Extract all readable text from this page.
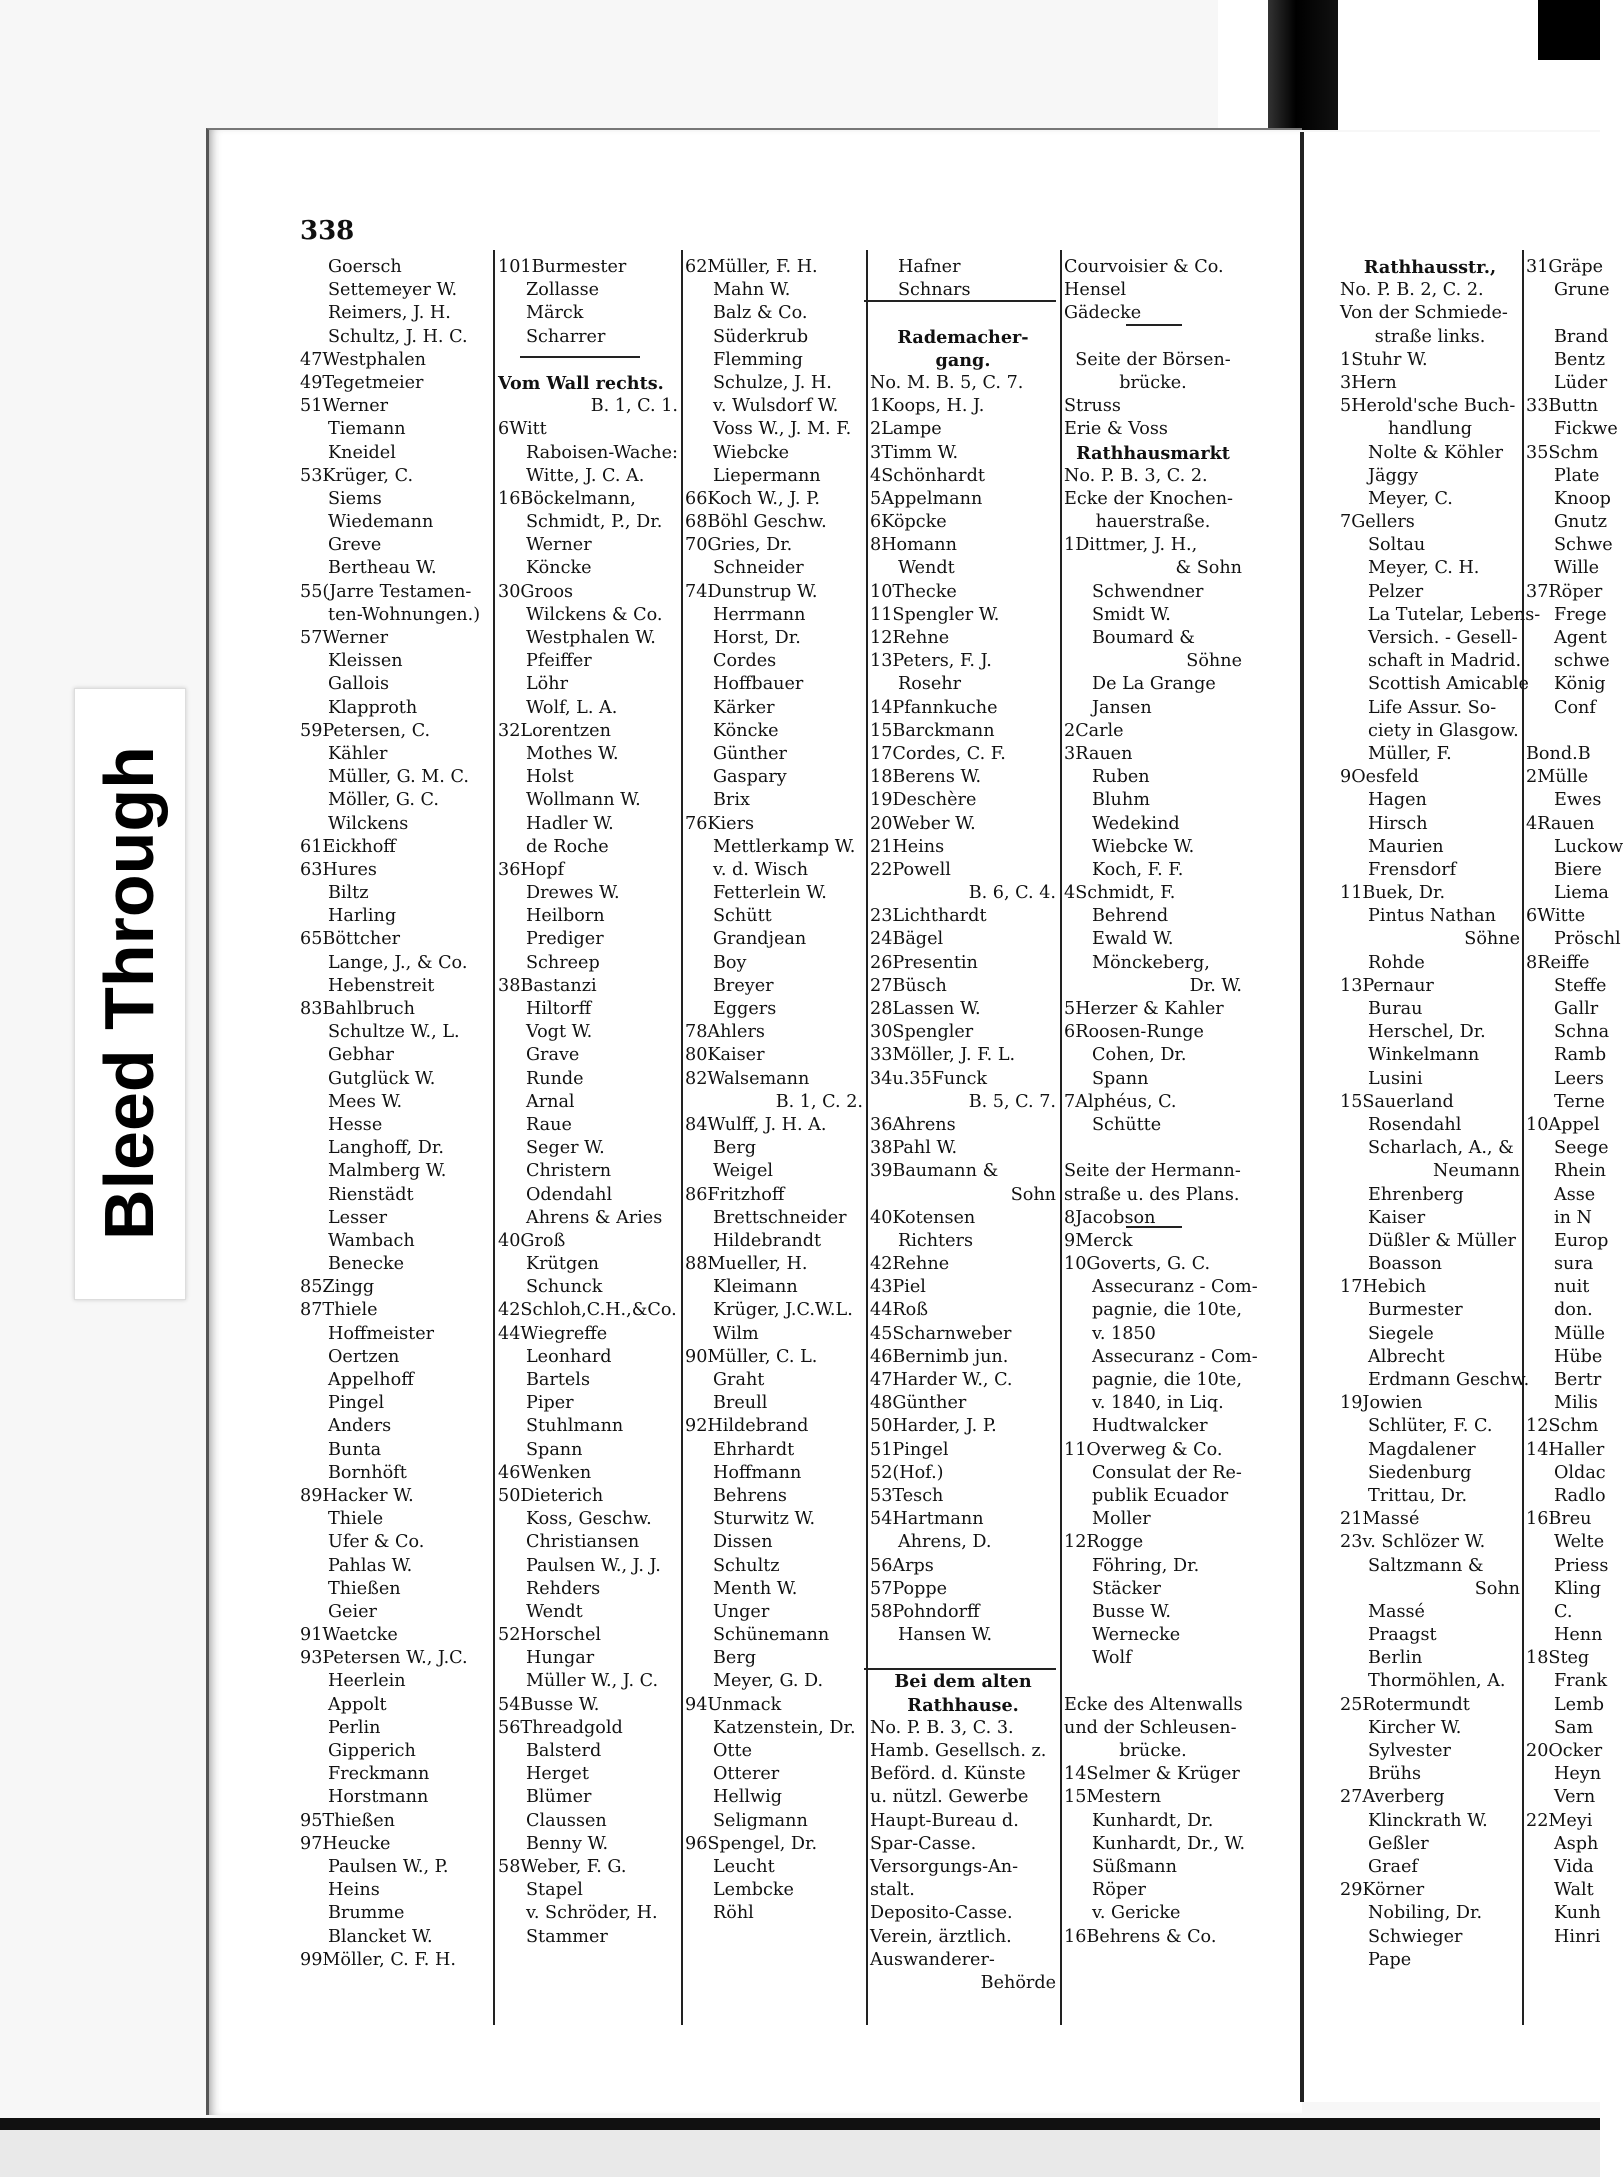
Bleed Through
338
Goersch
Settemeyer W.
Reimers, J. H.
Schultz, J. H. C.
47Westphalen
49Tegetmeier
51Werner
Tiemann
Kneidel
53Krüger, C.
Siems
Wiedemann
Greve
Bertheau W.
55(Jarre Testamen-
ten-Wohnungen.)
57Werner
Kleissen
Gallois
Klapproth
59Petersen, C.
Kähler
Müller, G. M. C.
Möller, G. C.
Wilckens
61Eickhoff
63Hures
Biltz
Harling
65Böttcher
Lange, J., & Co.
Hebenstreit
83Bahlbruch
Schultze W., L.
Gebhar
Gutglück W.
Mees W.
Hesse
Langhoff, Dr.
Malmberg W.
Rienstädt
Lesser
Wambach
Benecke
85Zingg
87Thiele
Hoffmeister
Oertzen
Appelhoff
Pingel
Anders
Bunta
Bornhöft
89Hacker W.
Thiele
Ufer & Co.
Pahlas W.
Thießen
Geier
91Waetcke
93Petersen W., J.C.
Heerlein
Appolt
Perlin
Gipperich
Freckmann
Horstmann
95Thießen
97Heucke
Paulsen W., P.
Heins
Brumme
Blancket W.
99Möller, C. F. H.
101Burmester
Zollasse
Märck
Scharrer
Vom Wall rechts.
B. 1, C. 1.
6Witt
Raboisen-Wache:
Witte, J. C. A.
16Böckelmann,
Schmidt, P., Dr.
Werner
Köncke
30Groos
Wilckens & Co.
Westphalen W.
Pfeiffer
Löhr
Wolf, L. A.
32Lorentzen
Mothes W.
Holst
Wollmann W.
Hadler W.
de Roche
36Hopf
Drewes W.
Heilborn
Prediger
Schreep
38Bastanzi
Hiltorff
Vogt W.
Grave
Runde
Arnal
Raue
Seger W.
Christern
Odendahl
Ahrens & Aries
40Groß
Krütgen
Schunck
42Schloh,C.H.,&Co.
44Wiegreffe
Leonhard
Bartels
Piper
Stuhlmann
Spann
46Wenken
50Dieterich
Koss, Geschw.
Christiansen
Paulsen W., J. J.
Rehders
Wendt
52Horschel
Hungar
Müller W., J. C.
54Busse W.
56Threadgold
Balsterd
Herget
Blümer
Claussen
Benny W.
58Weber, F. G.
Stapel
v. Schröder, H.
Stammer
62Müller, F. H.
Mahn W.
Balz & Co.
Süderkrub
Flemming
Schulze, J. H.
v. Wulsdorf W.
Voss W., J. M. F.
Wiebcke
Liepermann
66Koch W., J. P.
68Böhl Geschw.
70Gries, Dr.
Schneider
74Dunstrup W.
Herrmann
Horst, Dr.
Cordes
Hoffbauer
Kärker
Köncke
Günther
Gaspary
Brix
76Kiers
Mettlerkamp W.
v. d. Wisch
Fetterlein W.
Schütt
Grandjean
Boy
Breyer
Eggers
78Ahlers
80Kaiser
82Walsemann
B. 1, C. 2.
84Wulff, J. H. A.
Berg
Weigel
86Fritzhoff
Brettschneider
Hildebrandt
88Mueller, H.
Kleimann
Krüger, J.C.W.L.
Wilm
90Müller, C. L.
Graht
Breull
92Hildebrand
Ehrhardt
Hoffmann
Behrens
Sturwitz W.
Dissen
Schultz
Menth W.
Unger
Schünemann
Berg
Meyer, G. D.
94Unmack
Katzenstein, Dr.
Otte
Otterer
Hellwig
Seligmann
96Spengel, Dr.
Leucht
Lembcke
Röhl
Hafner
Schnars
Rademacher-
gang.
No. M. B. 5, C. 7.
1Koops, H. J.
2Lampe
3Timm W.
4Schönhardt
5Appelmann
6Köpcke
8Homann
Wendt
10Thecke
11Spengler W.
12Rehne
13Peters, F. J.
Rosehr
14Pfannkuche
15Barckmann
17Cordes, C. F.
18Berens W.
19Deschère
20Weber W.
21Heins
22Powell
B. 6, C. 4.
23Lichthardt
24Bägel
26Presentin
27Büsch
28Lassen W.
30Spengler
33Möller, J. F. L.
34u.35Funck
B. 5, C. 7.
36Ahrens
38Pahl W.
39Baumann &
Sohn
40Kotensen
Richters
42Rehne
43Piel
44Roß
45Scharnweber
46Bernimb jun.
47Harder W., C.
48Günther
50Harder, J. P.
51Pingel
52(Hof.)
53Tesch
54Hartmann
Ahrens, D.
56Arps
57Poppe
58Pohndorff
Hansen W.
Bei dem alten
Rathhause.
No. P. B. 3, C. 3.
Hamb. Gesellsch. z.
Beförd. d. Künste
u. nützl. Gewerbe
Haupt-Bureau d.
Spar-Casse.
Versorgungs-An-
stalt.
Deposito-Casse.
Verein, ärztlich.
Auswanderer-
Behörde
Courvoisier & Co.
Hensel
Gädecke
Seite der Börsen-
brücke.
Struss
Erie & Voss
Rathhausmarkt
No. P. B. 3, C. 2.
Ecke der Knochen-
hauerstraße.
1Dittmer, J. H.,
& Sohn
Schwendner
Smidt W.
Boumard &
Söhne
De La Grange
Jansen
2Carle
3Rauen
Ruben
Bluhm
Wedekind
Wiebcke W.
Koch, F. F.
4Schmidt, F.
Behrend
Ewald W.
Mönckeberg,
Dr. W.
5Herzer & Kahler
6Roosen-Runge
Cohen, Dr.
Spann
7Alphéus, C.
Schütte
Seite der Hermann-
straße u. des Plans.
8Jacobson
9Merck
10Goverts, G. C.
Assecuranz - Com-
pagnie, die 10te,
v. 1850
Assecuranz - Com-
pagnie, die 10te,
v. 1840, in Liq.
Hudtwalcker
11Overweg & Co.
Consulat der Re-
publik Ecuador
Moller
12Rogge
Föhring, Dr.
Stäcker
Busse W.
Wernecke
Wolf
Ecke des Altenwalls
und der Schleusen-
brücke.
14Selmer & Krüger
15Mestern
Kunhardt, Dr.
Kunhardt, Dr., W.
Süßmann
Röper
v. Gericke
16Behrens & Co.
Rathhausstr.,
No. P. B. 2, C. 2.
Von der Schmiede-
straße links.
1Stuhr W.
3Hern
5Herold'sche Buch-
handlung
Nolte & Köhler
Jäggy
Meyer, C.
7Gellers
Soltau
Meyer, C. H.
Pelzer
La Tutelar, Lebens-
Versich. - Gesell-
schaft in Madrid.
Scottish Amicable
Life Assur. So-
ciety in Glasgow.
Müller, F.
9Oesfeld
Hagen
Hirsch
Maurien
Frensdorf
11Buek, Dr.
Pintus Nathan
Söhne
Rohde
13Pernaur
Burau
Herschel, Dr.
Winkelmann
Lusini
15Sauerland
Rosendahl
Scharlach, A., &
Neumann
Ehrenberg
Kaiser
Düßler & Müller
Boasson
17Hebich
Burmester
Siegele
Albrecht
Erdmann Geschw.
19Jowien
Schlüter, F. C.
Magdalener
Siedenburg
Trittau, Dr.
21Massé
23v. Schlözer W.
Saltzmann &
Sohn
Massé
Praagst
Berlin
Thormöhlen, A.
25Rotermundt
Kircher W.
Sylvester
Brühs
27Averberg
Klinckrath W.
Geßler
Graef
29Körner
Nobiling, Dr.
Schwieger
Pape
31Gräpe
Grune
Brand
Bentz
Lüder
33Buttn
Fickwe
35Schm
Plate
Knoop
Gnutz
Schwe
Wille
37Röper
Frege
Agent
schwe
König
Conf
Bond.B
2Mülle
Ewes
4Rauen
Luckow
Biere
Liema
6Witte
Pröschl
8Reiffe
Steffe
Gallr
Schna
Ramb
Leers
Terne
10Appel
Seege
Rhein
Asse
in N
Europ
sura
nuit
don.
Mülle
Hübe
Bertr
Milis
12Schm
14Haller
Oldac
Radlo
16Breu
Welte
Priess
Kling
C.
Henn
18Steg
Frank
Lemb
Sam
20Ocker
Heyn
Vern
22Meyi
Asph
Vida
Walt
Kunh
Hinri
